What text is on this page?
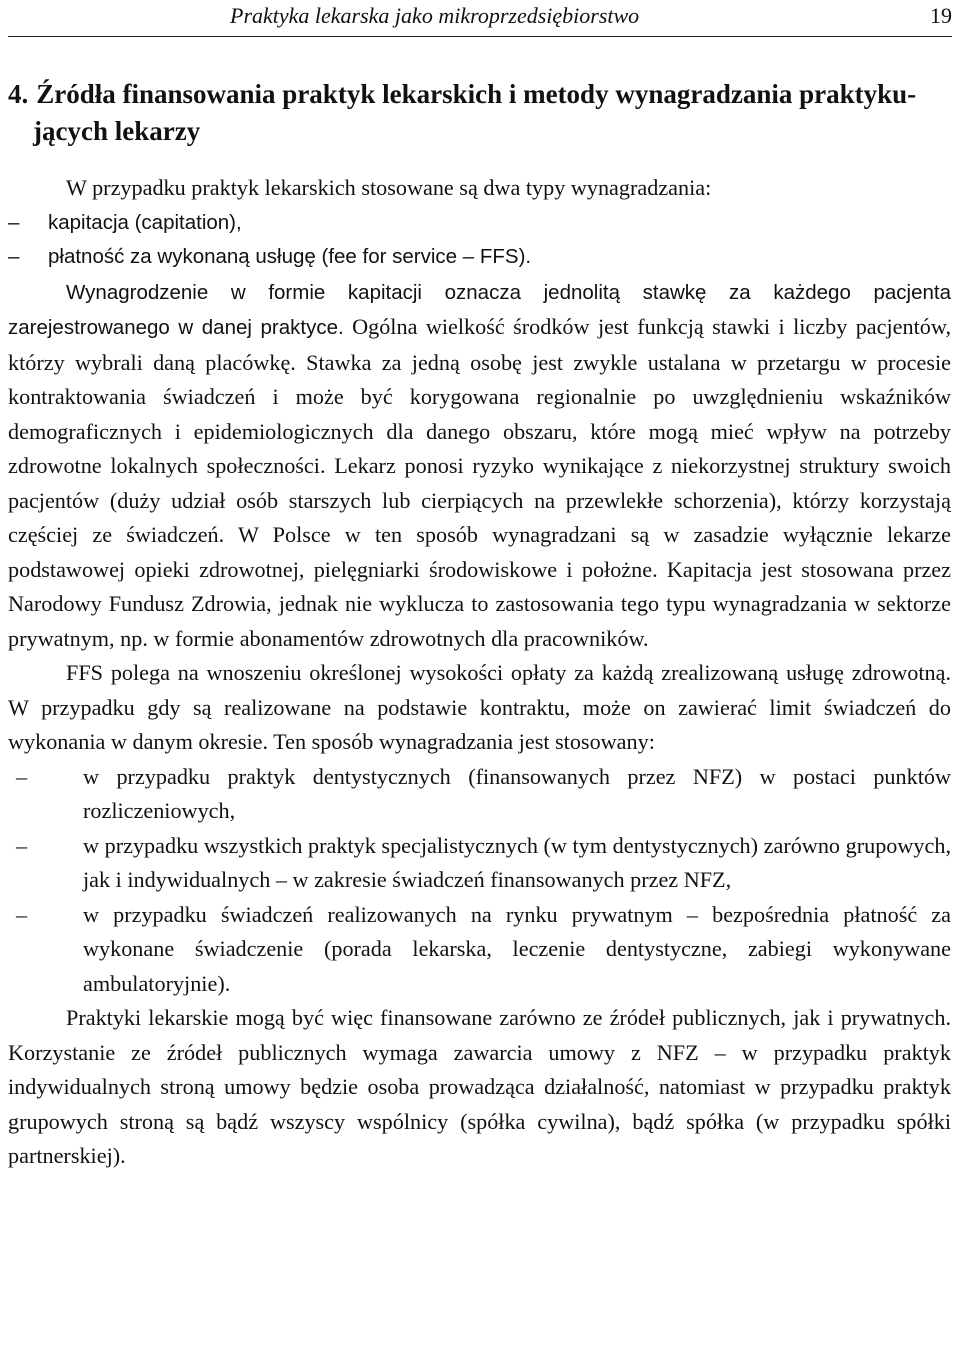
Praktyka lekarska jako mikroprzedsiębiorstwo	19
4. Źródła finansowania praktyk lekarskich i metody wynagradzania praktyku-
jących lekarzy

W przypadku praktyk lekarskich stosowane są dwa typy wynagradzania:

– kapitacja (capitation),

– płatność za wykonaną usługę (fee for service – FFS).

Wynagrodzenie w formie kapitacji oznacza jednolitą stawkę za każdego pacjenta zarejestrowanego w danej praktyce. Ogólna wielkość środków jest funkcją stawki i liczby pacjentów, którzy wybrali daną placówkę. Stawka za jedną osobę jest zwykle ustalana w przetargu w procesie kontraktowania świadczeń i może być korygowana regionalnie po uwzględnieniu wskaźników demograficznych i epidemiologicznych dla danego obszaru, które mogą mieć wpływ na potrzeby zdrowotne lokalnych społeczności. Lekarz ponosi ryzyko wynikające z niekorzystnej struktury swoich pacjentów (duży udział osób starszych lub cierpiących na przewlekłe schorzenia), którzy korzystają częściej ze świadczeń. W Polsce w ten sposób wynagradzani są w zasadzie wyłącznie lekarze podstawowej opieki zdrowotnej, pielęgniarki środowiskowe i położne. Kapitacja jest stosowana przez Narodowy Fundusz Zdrowia, jednak nie wyklucza to zastosowania tego typu wynagradzania w sektorze prywatnym, np. w formie abonamentów zdrowotnych dla pracowników.

FFS polega na wnoszeniu określonej wysokości opłaty za każdą zrealizowaną usługę zdrowotną. W przypadku gdy są realizowane na podstawie kontraktu, może on zawierać limit świadczeń do wykonania w danym okresie. Ten sposób wynagradzania jest stosowany:

– w przypadku praktyk dentystycznych (finansowanych przez NFZ) w postaci punktów rozliczeniowych,

– w przypadku wszystkich praktyk specjalistycznych (w tym dentystycznych) zarówno grupowych, jak i indywidualnych – w zakresie świadczeń finansowanych przez NFZ,

– w przypadku świadczeń realizowanych na rynku prywatnym – bezpośrednia płatność za wykonane świadczenie (porada lekarska, leczenie dentystyczne, zabiegi wykonywane ambulatoryjnie).

Praktyki lekarskie mogą być więc finansowane zarówno ze źródeł publicznych, jak i prywatnych. Korzystanie ze źródeł publicznych wymaga zawarcia umowy z NFZ – w przypadku praktyk indywidualnych stroną umowy będzie osoba prowadząca działalność, natomiast w przypadku praktyk grupowych stroną są bądź wszyscy wspólnicy (spółka cywilna), bądź spółka (w przypadku spółki partnerskiej).
